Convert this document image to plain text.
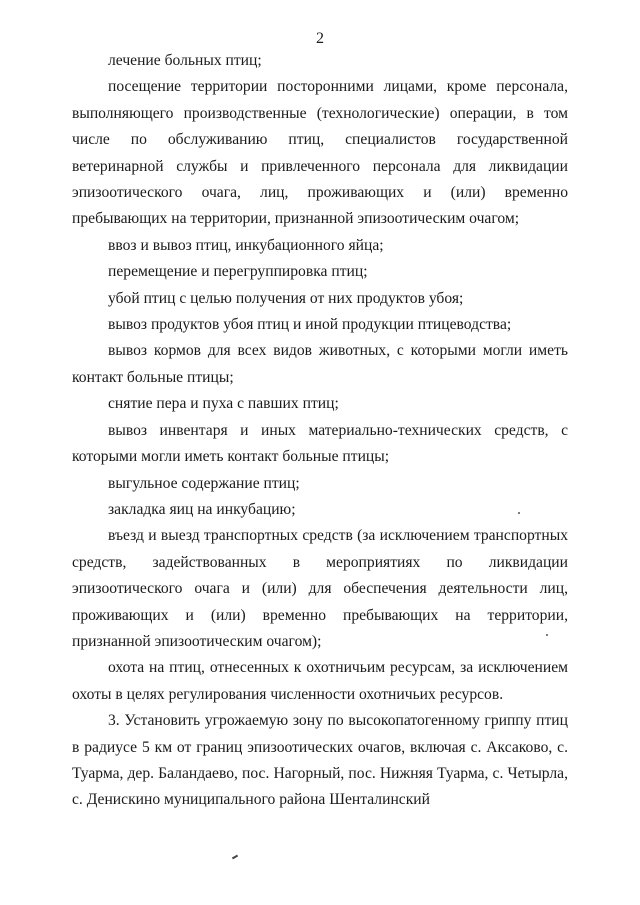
2

лечение больных птиц;

посещение территории посторонними лицами, кроме персонала, выполняющего производственные (технологические) операции, в том числе по обслуживанию птиц, специалистов государственной ветеринарной службы и привлеченного персонала для ликвидации эпизоотического очага, лиц, проживающих и (или) временно пребывающих на территории, признанной эпизоотическим очагом;

ввоз и вывоз птиц, инкубационного яйца;

перемещение и перегруппировка птиц;

убой птиц с целью получения от них продуктов убоя;

вывоз продуктов убоя птиц и иной продукции птицеводства;

вывоз кормов для всех видов животных, с которыми могли иметь контакт больные птицы;

снятие пера и пуха с павших птиц;

вывоз инвентаря и иных материально-технических средств, с которыми могли иметь контакт больные птицы;

выгульное содержание птиц;

закладка яиц на инкубацию;

въезд и выезд транспортных средств (за исключением транспортных средств, задействованных в мероприятиях по ликвидации эпизоотического очага и (или) для обеспечения деятельности лиц, проживающих и (или) временно пребывающих на территории, признанной эпизоотическим очагом);

охота на птиц, отнесенных к охотничьим ресурсам, за исключением охоты в целях регулирования численности охотничьих ресурсов.

3. Установить угрожаемую зону по высокопатогенному гриппу птиц в радиусе 5 км от границ эпизоотических очагов, включая с. Аксаково, с. Туарма, дер. Баландаево, пос. Нагорный, пос. Нижняя Туарма, с. Четырла, с. Денискино муниципального района Шенталинский
